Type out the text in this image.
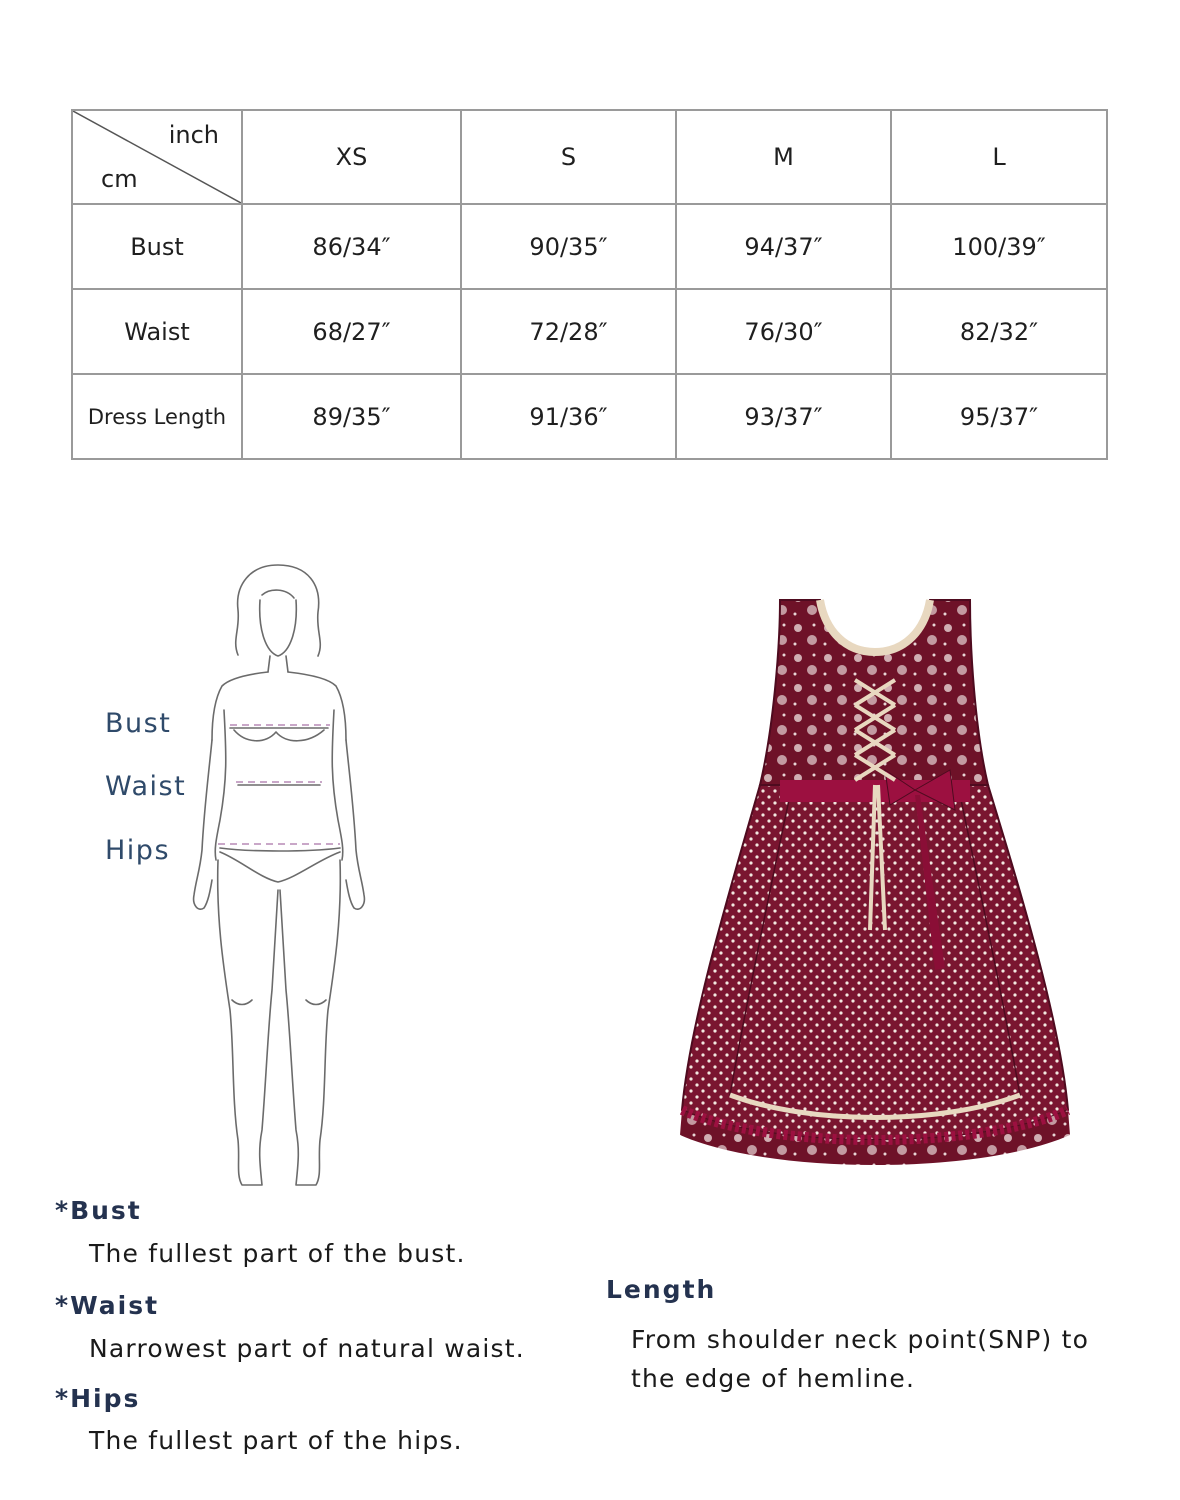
inch
cm	XS	S	M	L
Bust	86/34″	90/35″	94/37″	100/39″
Waist	68/27″	72/28″	76/30″	82/32″
Dress Length	89/35″	91/36″	93/37″	95/37″
Bust
Waist
Hips
*Bust
The fullest part of the bust.
*Waist
Narrowest part of natural waist.
*Hips
The fullest part of the hips.
Length
From shoulder neck point(SNP) to
the edge of hemline.
